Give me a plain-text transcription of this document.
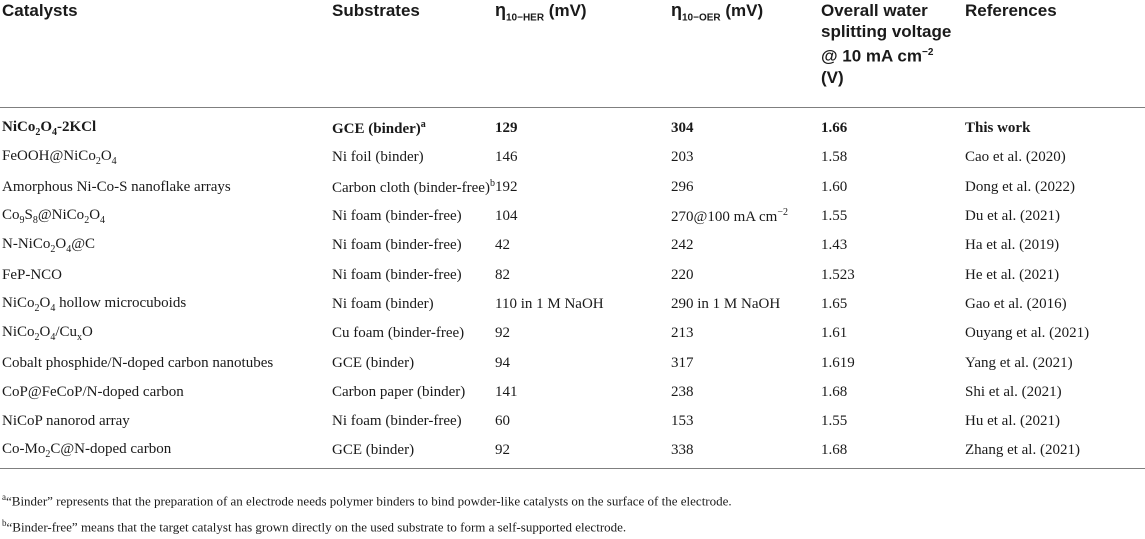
Catalysts	Substrates	$\eta_{10-HER}$ (mV)	$\eta_{10-OER}$ (mV)	Overall water
splitting voltage
@ 10 mA $cm^{-2}$
(V)	References
$NiCo_2O_4-2KCl$	GCE (binder)$^a$	129	304	1.66	This work
$FeOOH@NiCo_2O_4$	Ni foil (binder)	146	203	1.58	Cao et al. (2020)
Amorphous Ni-Co-S nanoflake arrays	Carbon cloth (binder-free)$^b$	192	296	1.60	Dong et al. (2022)
$Co_9S_8@NiCo_2O_4$	Ni foam (binder-free)	104	270@100 mA $cm^{-2}$	1.55	Du et al. (2021)
$N-NiCo_2O_4@C$	Ni foam (binder-free)	42	242	1.43	Ha et al. (2019)
FeP-NCO	Ni foam (binder-free)	82	220	1.523	He et al. (2021)
$NiCo_2O_4$ hollow microcuboids	Ni foam (binder)	110 in 1 M NaOH	290 in 1 M NaOH	1.65	Gao et al. (2016)
$NiCo_2O_4/Cu_xO$	Cu foam (binder-free)	92	213	1.61	Ouyang et al. (2021)
Cobalt phosphide/N-doped carbon nanotubes	GCE (binder)	94	317	1.619	Yang et al. (2021)
CoP@FeCoP/N-doped carbon	Carbon paper (binder)	141	238	1.68	Shi et al. (2021)
NiCoP nanorod array	Ni foam (binder-free)	60	153	1.55	Hu et al. (2021)
$Co-Mo_2C@N$-doped carbon	GCE (binder)	92	338	1.68	Zhang et al. (2021)
$^a$“Binder” represents that the preparation of an electrode needs polymer binders to bind powder-like catalysts on the surface of the electrode.
$^b$“Binder-free” means that the target catalyst has grown directly on the used substrate to form a self-supported electrode.
